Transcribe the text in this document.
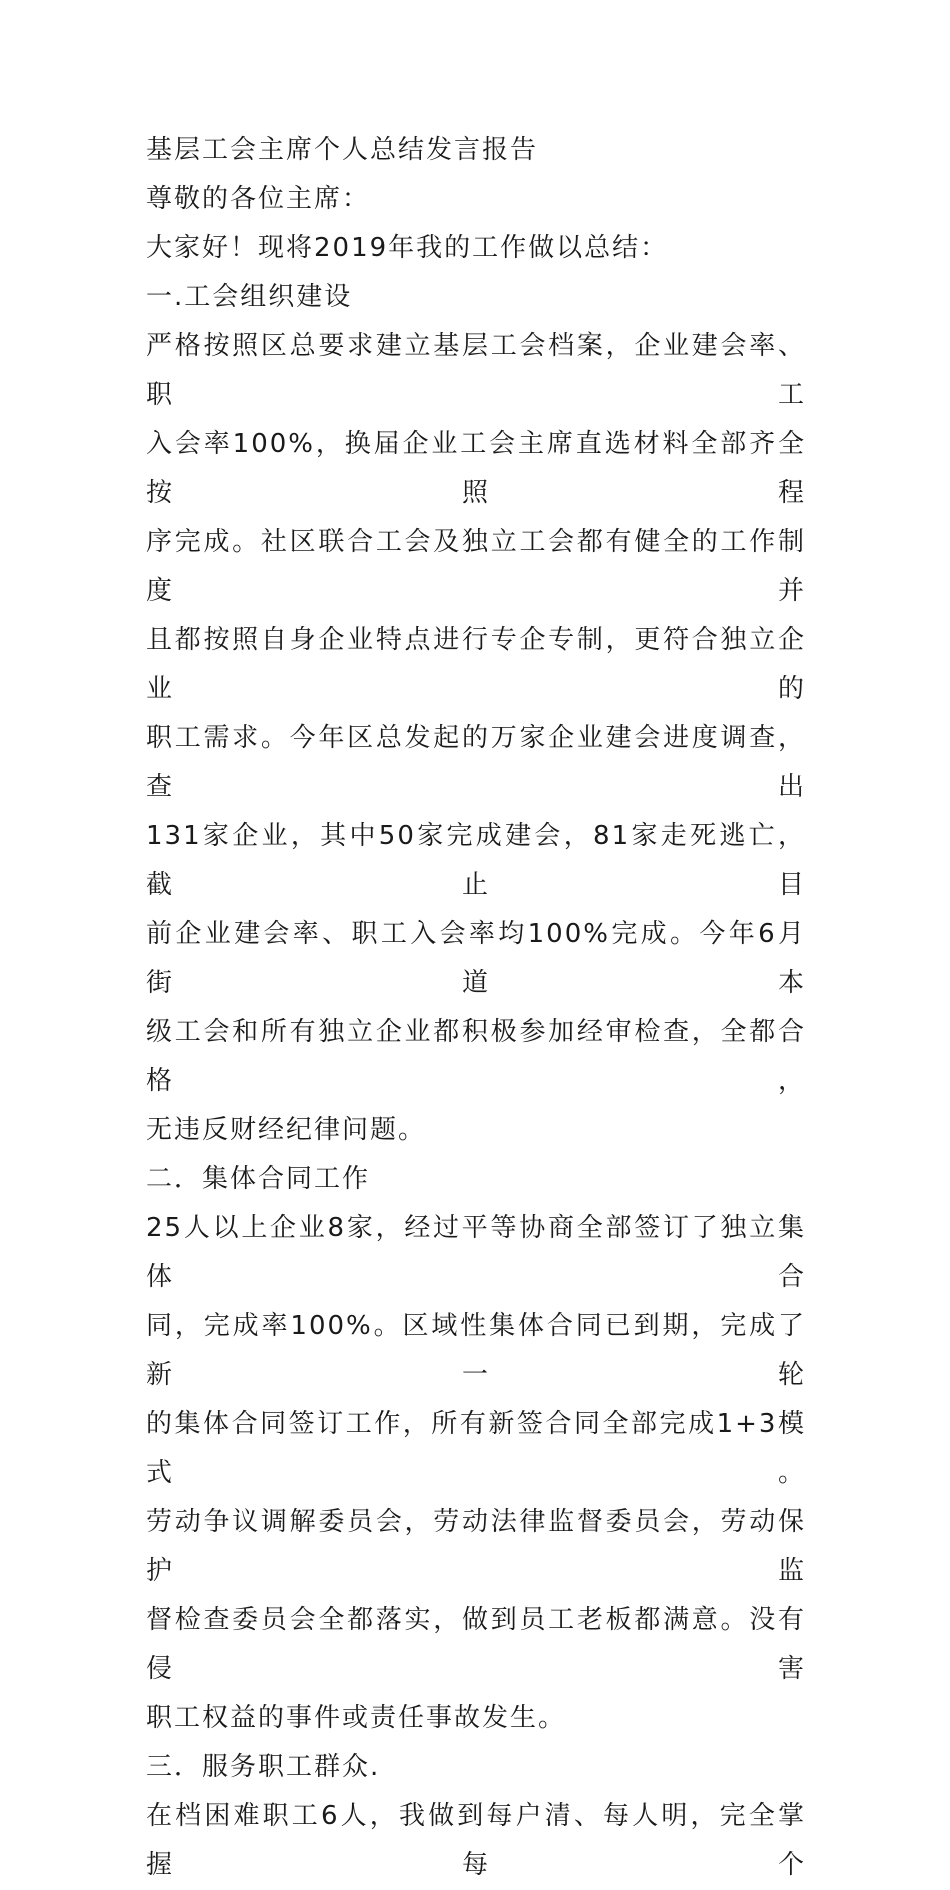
基层工会主席个人总结发言报告

尊敬的各位主席：

大家好！现将2019年我的工作做以总结：

一.工会组织建设

严格按照区总要求建立基层工会档案，企业建会率、职工

入会率100%，换届企业工会主席直选材料全部齐全按照程

序完成。社区联合工会及独立工会都有健全的工作制度并

且都按照自身企业特点进行专企专制，更符合独立企业的

职工需求。今年区总发起的万家企业建会进度调查，查出

131家企业，其中50家完成建会，81家走死逃亡，截止目

前企业建会率、职工入会率均100%完成。今年6月街道本

级工会和所有独立企业都积极参加经审检查，全都合格，

无违反财经纪律问题。

二．集体合同工作

25人以上企业8家，经过平等协商全部签订了独立集体合

同，完成率100%。区域性集体合同已到期，完成了新一轮

的集体合同签订工作，所有新签合同全部完成1+3模式。

劳动争议调解委员会，劳动法律监督委员会，劳动保护监

督检查委员会全都落实，做到员工老板都满意。没有侵害

职工权益的事件或责任事故发生。

三．服务职工群众.

在档困难职工6人，我做到每户清、每人明，完全掌握每个
